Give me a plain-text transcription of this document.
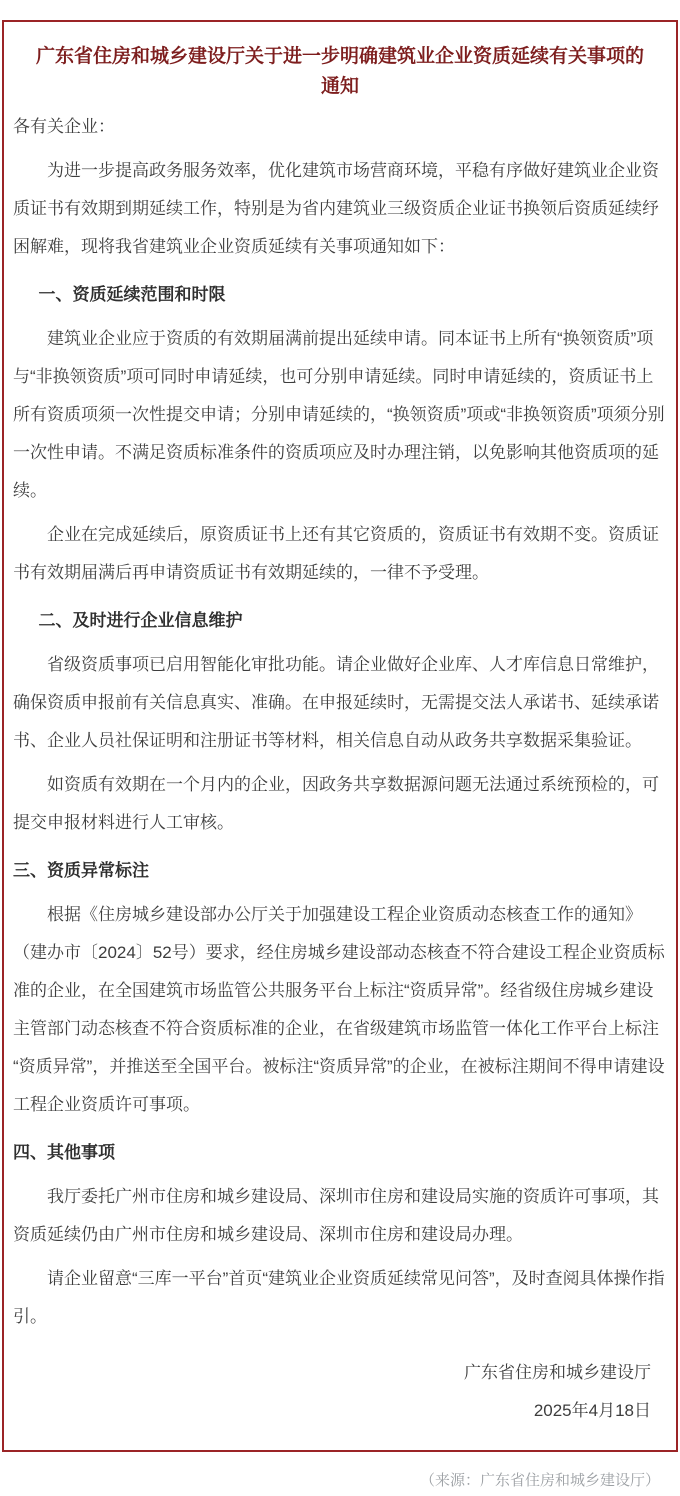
广东省住房和城乡建设厅关于进一步明确建筑业企业资质延续有关事项的通知

各有关企业：

为进一步提高政务服务效率，优化建筑市场营商环境，平稳有序做好建筑业企业资质证书有效期到期延续工作，特别是为省内建筑业三级资质企业证书换领后资质延续纾困解难，现将我省建筑业企业资质延续有关事项通知如下：

一、资质延续范围和时限

建筑业企业应于资质的有效期届满前提出延续申请。同本证书上所有“换领资质”项与“非换领资质”项可同时申请延续，也可分别申请延续。同时申请延续的，资质证书上所有资质项须一次性提交申请；分别申请延续的，“换领资质”项或“非换领资质”项须分别一次性申请。不满足资质标准条件的资质项应及时办理注销，以免影响其他资质项的延续。

企业在完成延续后，原资质证书上还有其它资质的，资质证书有效期不变。资质证书有效期届满后再申请资质证书有效期延续的，一律不予受理。

二、及时进行企业信息维护

省级资质事项已启用智能化审批功能。请企业做好企业库、人才库信息日常维护，确保资质申报前有关信息真实、准确。在申报延续时，无需提交法人承诺书、延续承诺书、企业人员社保证明和注册证书等材料，相关信息自动从政务共享数据采集验证。

如资质有效期在一个月内的企业，因政务共享数据源问题无法通过系统预检的，可提交申报材料进行人工审核。

三、资质异常标注

根据《住房城乡建设部办公厅关于加强建设工程企业资质动态核查工作的通知》（建办市〔2024〕52号）要求，经住房城乡建设部动态核查不符合建设工程企业资质标准的企业，在全国建筑市场监管公共服务平台上标注“资质异常”。经省级住房城乡建设主管部门动态核查不符合资质标准的企业，在省级建筑市场监管一体化工作平台上标注“资质异常”，并推送至全国平台。被标注“资质异常”的企业，在被标注期间不得申请建设工程企业资质许可事项。

四、其他事项

我厅委托广州市住房和城乡建设局、深圳市住房和建设局实施的资质许可事项，其资质延续仍由广州市住房和城乡建设局、深圳市住房和建设局办理。

请企业留意“三库一平台”首页“建筑业企业资质延续常见问答”，及时查阅具体操作指引。

广东省住房和城乡建设厅
2025年4月18日
（来源：广东省住房和城乡建设厅）
